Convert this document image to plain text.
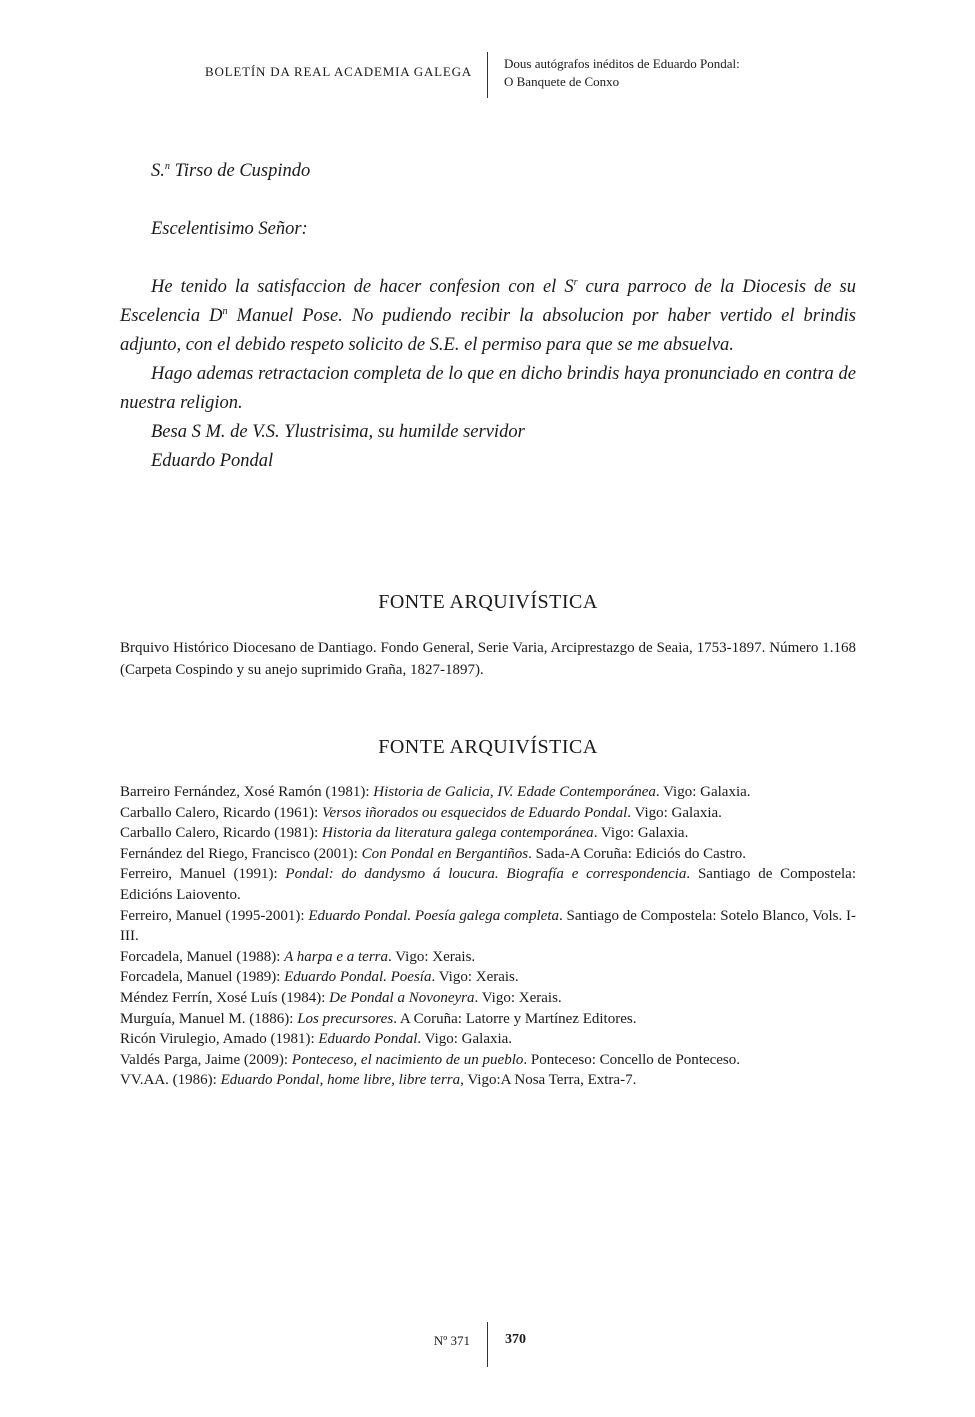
BOLETÍN DA REAL ACADEMIA GALEGA
Dous autógrafos inéditos de Eduardo Pondal:
O Banquete de Conxo

S.$^n$ Tirso de Cuspindo

Escelentisimo Señor:

He tenido la satisfaccion de hacer confesion con el $S^r$ cura parroco de la Diocesis de su Escelencia $D^n$ Manuel Pose. No pudiendo recibir la absolucion por haber vertido el brindis adjunto, con el debido respeto solicito de S.E. el permiso para que se me absuelva.

Hago ademas retractacion completa de lo que en dicho brindis haya pronunciado en contra de nuestra religion.

Besa S M. de V.S. Ylustrisima, su humilde servidor

Eduardo Pondal

FONTE ARQUIVÍSTICA

Brquivo Histórico Diocesano de Dantiago. Fondo General, Serie Varia, Arciprestazgo de Seaia, 1753-1897. Número 1.168 (Carpeta Cospindo y su anejo suprimido Graña, 1827-1897).

FONTE ARQUIVÍSTICA

Barreiro Fernández, Xosé Ramón (1981): Historia de Galicia, IV. Edade Contemporánea. Vigo: Galaxia.

Carballo Calero, Ricardo (1961): Versos iñorados ou esquecidos de Eduardo Pondal. Vigo: Galaxia.

Carballo Calero, Ricardo (1981): Historia da literatura galega contemporánea. Vigo: Galaxia.

Fernández del Riego, Francisco (2001): Con Pondal en Bergantiños. Sada-A Coruña: Ediciós do Castro.

Ferreiro, Manuel (1991): Pondal: do dandysmo á loucura. Biografía e correspondencia. Santiago de Compostela: Edicións Laiovento.

Ferreiro, Manuel (1995-2001): Eduardo Pondal. Poesía galega completa. Santiago de Compostela: Sotelo Blanco, Vols. I-III.

Forcadela, Manuel (1988): A harpa e a terra. Vigo: Xerais.

Forcadela, Manuel (1989): Eduardo Pondal. Poesía. Vigo: Xerais.

Méndez Ferrín, Xosé Luís (1984): De Pondal a Novoneyra. Vigo: Xerais.

Murguía, Manuel M. (1886): Los precursores. A Coruña: Latorre y Martínez Editores.

Ricón Virulegio, Amado (1981): Eduardo Pondal. Vigo: Galaxia.

Valdés Parga, Jaime (2009): Ponteceso, el nacimiento de un pueblo. Ponteceso: Concello de Ponteceso.

VV.AA. (1986): Eduardo Pondal, home libre, libre terra, Vigo:A Nosa Terra, Extra-7.

Nº 371	370
